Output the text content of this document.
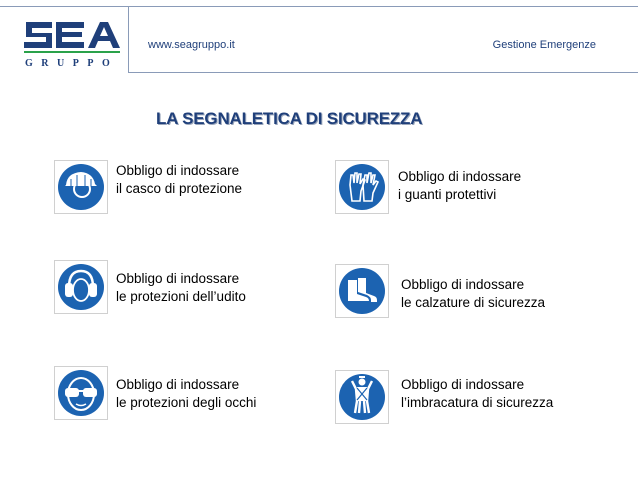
GRUPPO
www.seagruppo.it	Gestione Emergenze
LA SEGNALETICA DI SICUREZZA
Obbligo di indossare
il casco di protezione
Obbligo di indossare
i guanti protettivi
Obbligo di indossare
le protezioni dell’udito
Obbligo di indossare
le calzature di sicurezza
Obbligo di indossare
le protezioni degli occhi
Obbligo di indossare
l’imbracatura di sicurezza
